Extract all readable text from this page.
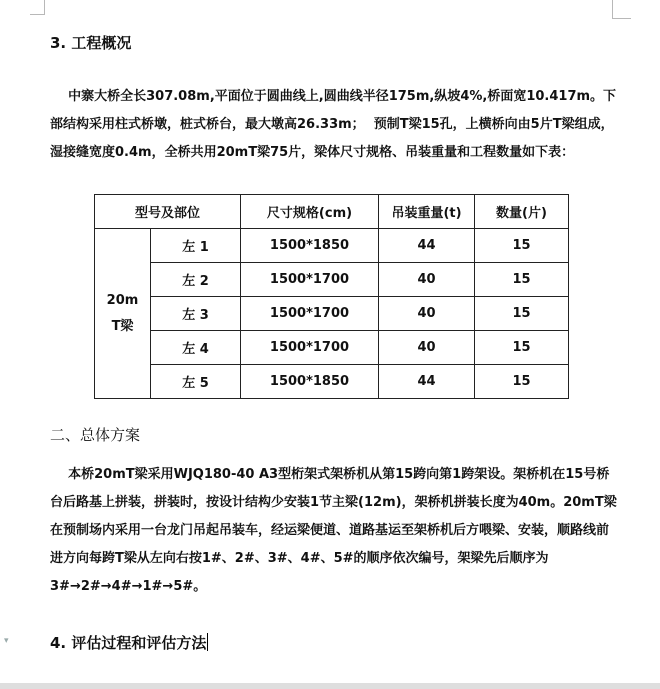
3. 工程概况

中寨大桥全长307.08m,平面位于圆曲线上,圆曲线半径175m,纵坡4%,桥面宽10.417m。下部结构采用柱式桥墩，桩式桥台，最大墩高26.33m；  预制T梁15孔，上横桥向由5片T梁组成，湿接缝宽度0.4m，全桥共用20mT梁75片，梁体尺寸规格、吊装重量和工程数量如下表：

型号及部位		尺寸规格(cm)	吊装重量(t)	数量(片)

20m
T梁	左 1	1500*1850	44	15
	左 2	1500*1700	40	15
	左 3	1500*1700	40	15
	左 4	1500*1700	40	15
	左 5	1500*1850	44	15
二、总体方案

本桥20mT梁采用WJQ180-40 A3型桁架式架桥机从第15跨向第1跨架设。架桥机在15号桥台后路基上拼装，拼装时，按设计结构少安装1节主梁(12m)，架桥机拼装长度为40m。20mT梁在预制场内采用一台龙门吊起吊装车，经运梁便道、道路基运至架桥机后方喂梁、安装，顺路线前进方向每跨T梁从左向右按1#、2#、3#、4#、5#的顺序依次编号，架梁先后顺序为3#→2#→4#→1#→5#。

4. 评估过程和评估方法
▾
